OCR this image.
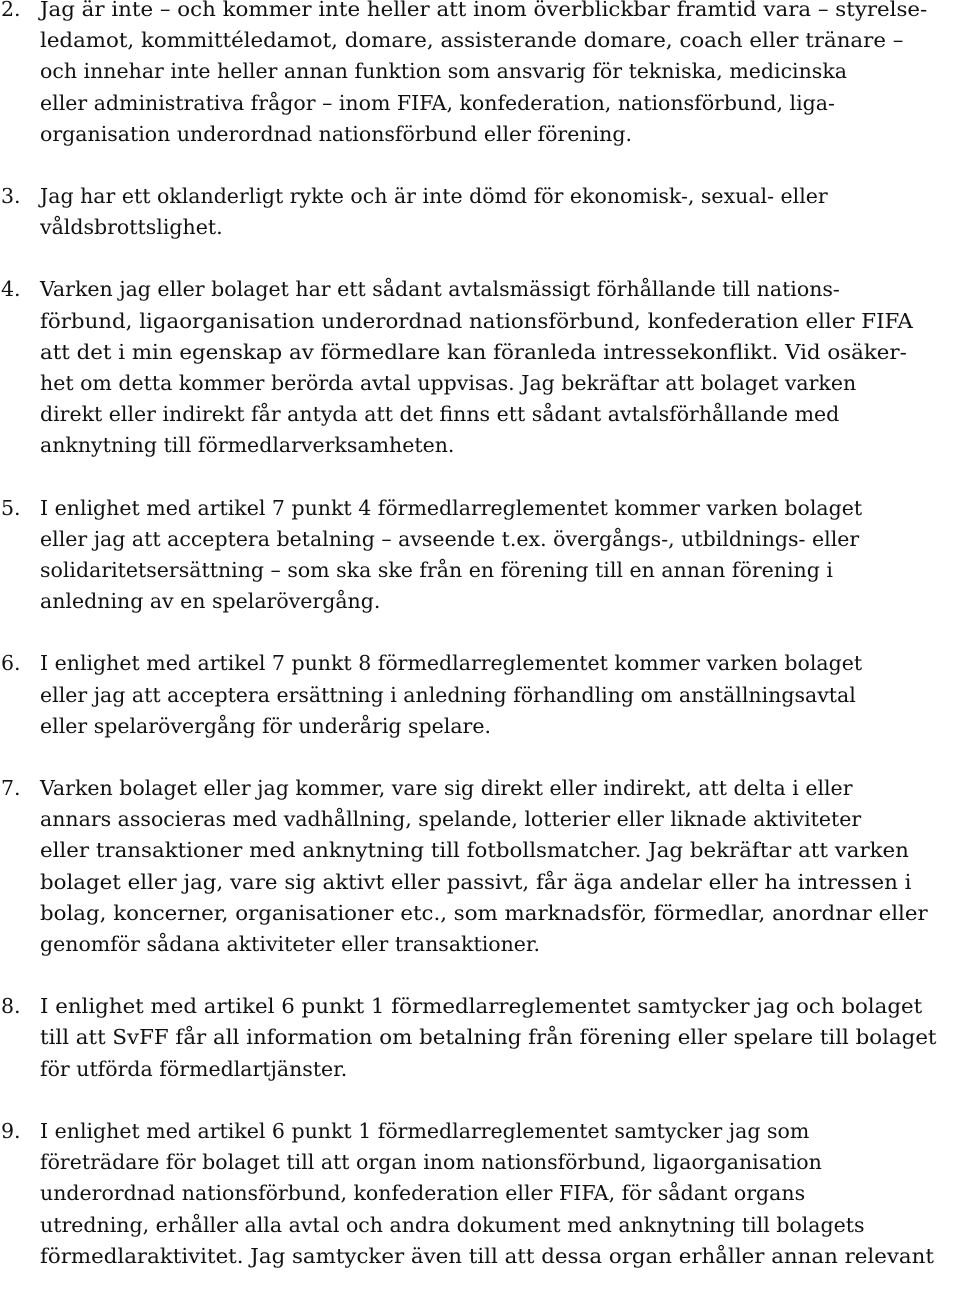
2. Jag är inte – och kommer inte heller att inom överblickbar framtid vara – styrelse-
ledamot, kommittéledamot, domare, assisterande domare, coach eller tränare –
och innehar inte heller annan funktion som ansvarig för tekniska, medicinska
eller administrativa frågor – inom FIFA, konfederation, nationsförbund, liga-
organisation underordnad nationsförbund eller förening.
3. Jag har ett oklanderligt rykte och är inte dömd för ekonomisk-, sexual- eller
våldsbrottslighet.
4. Varken jag eller bolaget har ett sådant avtalsmässigt förhållande till nations-
förbund, ligaorganisation underordnad nationsförbund, konfederation eller FIFA
att det i min egenskap av förmedlare kan föranleda intressekonflikt. Vid osäker-
het om detta kommer berörda avtal uppvisas. Jag bekräftar att bolaget varken
direkt eller indirekt får antyda att det finns ett sådant avtalsförhållande med
anknytning till förmedlarverksamheten.
5. I enlighet med artikel 7 punkt 4 förmedlarreglementet kommer varken bolaget
eller jag att acceptera betalning – avseende t.ex. övergångs-, utbildnings- eller
solidaritetsersättning – som ska ske från en förening till en annan förening i
anledning av en spelarövergång.
6. I enlighet med artikel 7 punkt 8 förmedlarreglementet kommer varken bolaget
eller jag att acceptera ersättning i anledning förhandling om anställningsavtal
eller spelarövergång för underårig spelare.
7. Varken bolaget eller jag kommer, vare sig direkt eller indirekt, att delta i eller
annars associeras med vadhållning, spelande, lotterier eller liknade aktiviteter
eller transaktioner med anknytning till fotbollsmatcher. Jag bekräftar att varken
bolaget eller jag, vare sig aktivt eller passivt, får äga andelar eller ha intressen i
bolag, koncerner, organisationer etc., som marknadsför, förmedlar, anordnar eller
genomför sådana aktiviteter eller transaktioner.
8. I enlighet med artikel 6 punkt 1 förmedlarreglementet samtycker jag och bolaget
till att SvFF får all information om betalning från förening eller spelare till bolaget
för utförda förmedlartjänster.
9. I enlighet med artikel 6 punkt 1 förmedlarreglementet samtycker jag som
företrädare för bolaget till att organ inom nationsförbund, ligaorganisation
underordnad nationsförbund, konfederation eller FIFA, för sådant organs
utredning, erhåller alla avtal och andra dokument med anknytning till bolagets
förmedlaraktivitet. Jag samtycker även till att dessa organ erhåller annan relevant
